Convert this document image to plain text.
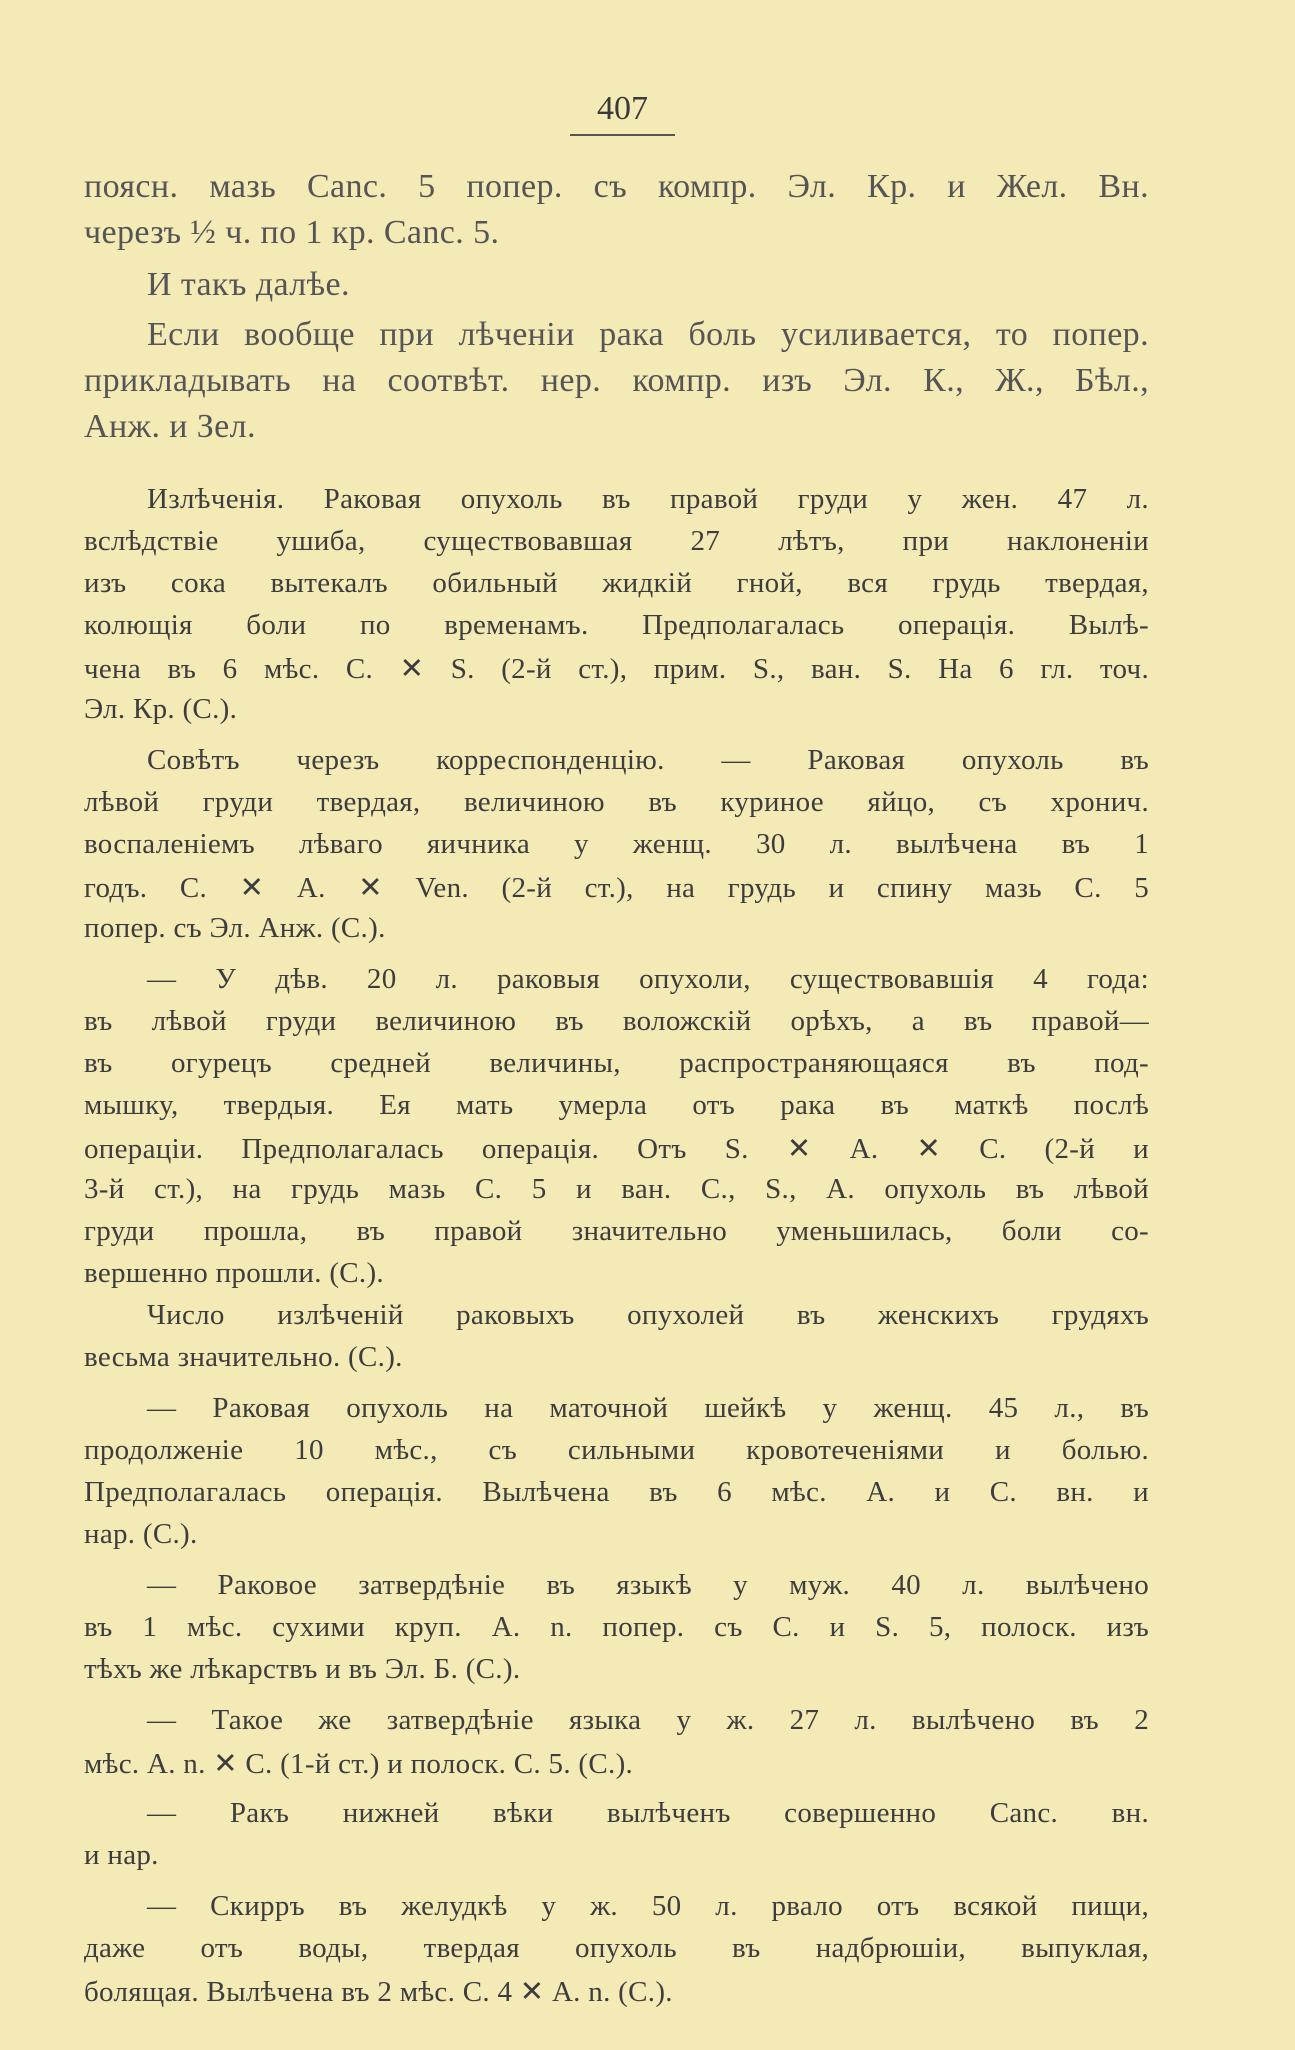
407
поясн. мазь Canc. 5 попер. съ компр. Эл. Кр. и Жел. Вн.
черезъ ½ ч. по 1 кр. Canc. 5.
И такъ далѣе.
Если вообще при лѣченіи рака боль усиливается, то попер.
прикладывать на соотвѣт. нер. компр. изъ Эл. К., Ж., Бѣл.,
Анж. и Зел.
Излѣченія. Раковая опухоль въ правой груди у жен. 47 л.
вслѣдствіе ушиба, существовавшая 27 лѣтъ, при наклоненіи
изъ сока вытекалъ обильный жидкій гной, вся грудь твердая,
колющія боли по временамъ. Предполагалась операція. Вылѣ-
чена въ 6 мѣс. С. ✕ S. (2-й ст.), прим. S., ван. S. На 6 гл. точ.
Эл. Кр. (С.).
Совѣтъ черезъ корреспонденцію. — Раковая опухоль въ
лѣвой груди твердая, величиною въ куриное яйцо, съ хронич.
воспаленіемъ лѣваго яичника у женщ. 30 л. вылѣчена въ 1
годъ. С. ✕ А. ✕ Ven. (2-й ст.), на грудь и спину мазь С. 5
попер. съ Эл. Анж. (С.).
— У дѣв. 20 л. раковыя опухоли, существовавшія 4 года:
въ лѣвой груди величиною въ воложскій орѣхъ, а въ правой—
въ огурецъ средней величины, распространяющаяся въ под-
мышку, твердыя. Ея мать умерла отъ рака въ маткѣ послѣ
операціи. Предполагалась операція. Отъ S. ✕ А. ✕ С. (2-й и
3-й ст.), на грудь мазь С. 5 и ван. С., S., А. опухоль въ лѣвой
груди прошла, въ правой значительно уменьшилась, боли со-
вершенно прошли. (С.).
Число излѣченій раковыхъ опухолей въ женскихъ грудяхъ
весьма значительно. (С.).
— Раковая опухоль на маточной шейкѣ у женщ. 45 л., въ
продолженіе 10 мѣс., съ сильными кровотеченіями и болью.
Предполагалась операція. Вылѣчена въ 6 мѣс. А. и С. вн. и
нар. (С.).
— Раковое затвердѣніе въ языкѣ у муж. 40 л. вылѣчено
въ 1 мѣс. сухими круп. А. n. попер. съ С. и S. 5, полоск. изъ
тѣхъ же лѣкарствъ и въ Эл. Б. (С.).
— Такое же затвердѣніе языка у ж. 27 л. вылѣчено въ 2
мѣс. А. n. ✕ С. (1-й ст.) и полоск. С. 5. (С.).
— Ракъ нижней вѣки вылѣченъ совершенно Canc. вн.
и нар.
— Скирръ въ желудкѣ у ж. 50 л. рвало отъ всякой пищи,
даже отъ воды, твердая опухоль въ надбрюшіи, выпуклая,
болящая. Вылѣчена въ 2 мѣс. С. 4 ✕ А. n. (С.).
